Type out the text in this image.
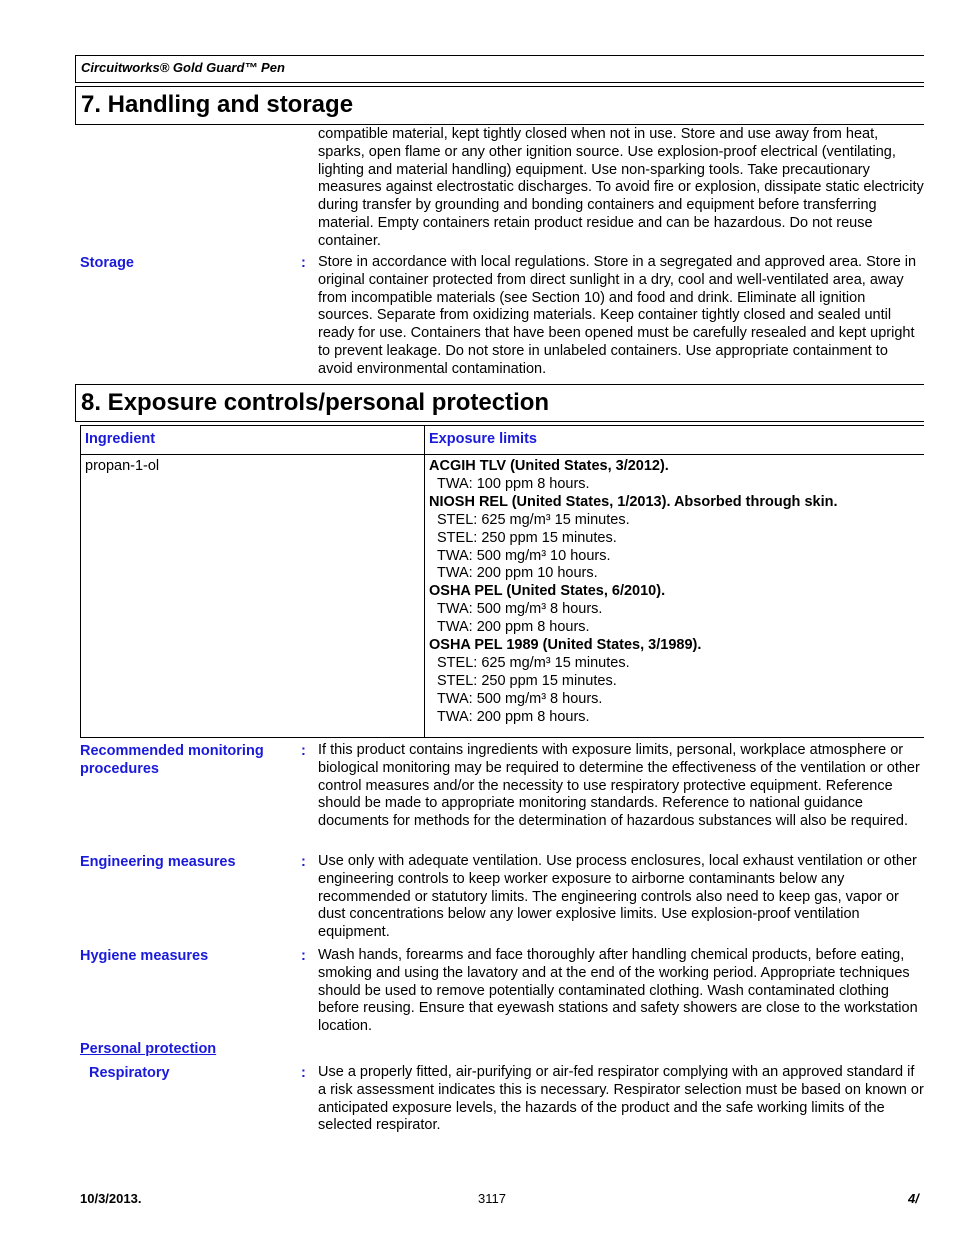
Circuitworks® Gold Guard™ Pen
7. Handling and storage
compatible material, kept tightly closed when not in use. Store and use away from heat, sparks, open flame or any other ignition source. Use explosion-proof electrical (ventilating, lighting and material handling) equipment. Use non-sparking tools. Take precautionary measures against electrostatic discharges. To avoid fire or explosion, dissipate static electricity during transfer by grounding and bonding containers and equipment before transferring material. Empty containers retain product residue and can be hazardous. Do not reuse container.
Storage	: Store in accordance with local regulations. Store in a segregated and approved area. Store in original container protected from direct sunlight in a dry, cool and well-ventilated area, away from incompatible materials (see Section 10) and food and drink. Eliminate all ignition sources. Separate from oxidizing materials. Keep container tightly closed and sealed until ready for use. Containers that have been opened must be carefully resealed and kept upright to prevent leakage. Do not store in unlabeled containers. Use appropriate containment to avoid environmental contamination.
8. Exposure controls/personal protection
Ingredient	Exposure limits
propan-1-ol	ACGIH TLV (United States, 3/2012).
TWA: 100 ppm 8 hours.
NIOSH REL (United States, 1/2013). Absorbed through skin.
STEL: 625 mg/m³ 15 minutes.
STEL: 250 ppm 15 minutes.
TWA: 500 mg/m³ 10 hours.
TWA: 200 ppm 10 hours.
OSHA PEL (United States, 6/2010).
TWA: 500 mg/m³ 8 hours.
TWA: 200 ppm 8 hours.
OSHA PEL 1989 (United States, 3/1989).
STEL: 625 mg/m³ 15 minutes.
STEL: 250 ppm 15 minutes.
TWA: 500 mg/m³ 8 hours.
TWA: 200 ppm 8 hours.
Recommended monitoring procedures
: If this product contains ingredients with exposure limits, personal, workplace atmosphere or biological monitoring may be required to determine the effectiveness of the ventilation or other control measures and/or the necessity to use respiratory protective equipment. Reference should be made to appropriate monitoring standards. Reference to national guidance documents for methods for the determination of hazardous substances will also be required.
Engineering measures	: Use only with adequate ventilation. Use process enclosures, local exhaust ventilation or other engineering controls to keep worker exposure to airborne contaminants below any recommended or statutory limits. The engineering controls also need to keep gas, vapor or dust concentrations below any lower explosive limits. Use explosion-proof ventilation equipment.
Hygiene measures	: Wash hands, forearms and face thoroughly after handling chemical products, before eating, smoking and using the lavatory and at the end of the working period. Appropriate techniques should be used to remove potentially contaminated clothing. Wash contaminated clothing before reusing. Ensure that eyewash stations and safety showers are close to the workstation location.
Personal protection
Respiratory	: Use a properly fitted, air-purifying or air-fed respirator complying with an approved standard if a risk assessment indicates this is necessary. Respirator selection must be based on known or anticipated exposure levels, the hazards of the product and the safe working limits of the selected respirator.
10/3/2013.	3117	4/
